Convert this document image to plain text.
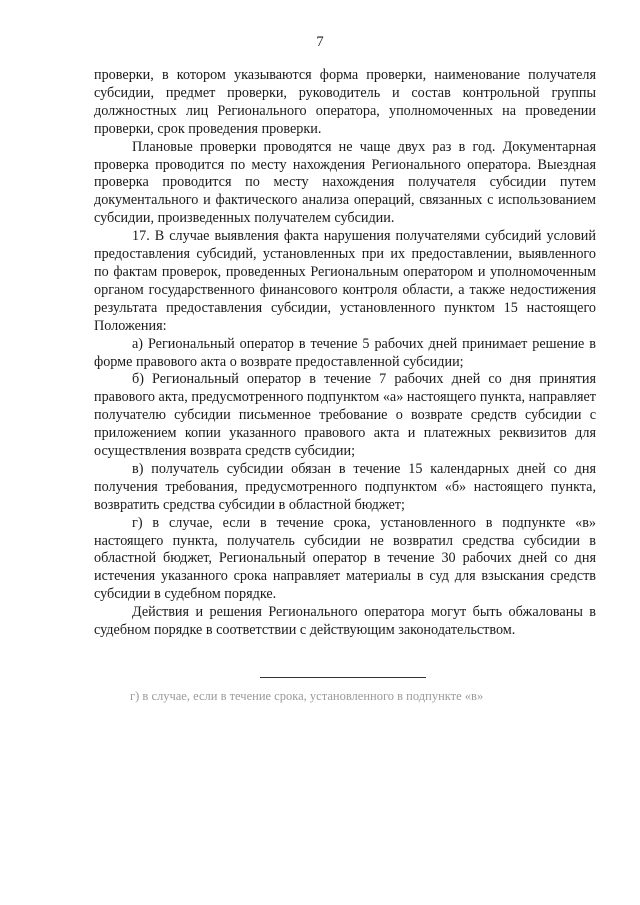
7

проверки, в котором указываются форма проверки, наименование получателя субсидии, предмет проверки, руководитель и состав контрольной группы должностных лиц Регионального оператора, уполномоченных на проведении проверки, срок проведения проверки.

Плановые проверки проводятся не чаще двух раз в год. Документарная проверка проводится по месту нахождения Регионального оператора. Выездная проверка проводится по месту нахождения получателя субсидии путем документального и фактического анализа операций, связанных с использованием субсидии, произведенных получателем субсидии.

17. В случае выявления факта нарушения получателями субсидий условий предоставления субсидий, установленных при их предоставлении, выявленного по фактам проверок, проведенных Региональным оператором и уполномоченным органом государственного финансового контроля области, а также недостижения результата предоставления субсидии, установленного пунктом 15 настоящего Положения:

а) Региональный оператор в течение 5 рабочих дней принимает решение в форме правового акта о возврате предоставленной субсидии;

б) Региональный оператор в течение 7 рабочих дней со дня принятия правового акта, предусмотренного подпунктом «а» настоящего пункта, направляет получателю субсидии письменное требование о возврате средств субсидии с приложением копии указанного правового акта и платежных реквизитов для осуществления возврата средств субсидии;

в) получатель субсидии обязан в течение 15 календарных дней со дня получения требования, предусмотренного подпунктом «б» настоящего пункта, возвратить средства субсидии в областной бюджет;

г) в случае, если в течение срока, установленного в подпункте «в» настоящего пункта, получатель субсидии не возвратил средства субсидии в областной бюджет, Региональный оператор в течение 30 рабочих дней со дня истечения указанного срока направляет материалы в суд для взыскания средств субсидии в судебном порядке.

Действия и решения Регионального оператора могут быть обжалованы в судебном порядке в соответствии с действующим законодательством.

г) в случае, если в течение срока, установленного в подпункте «в»
